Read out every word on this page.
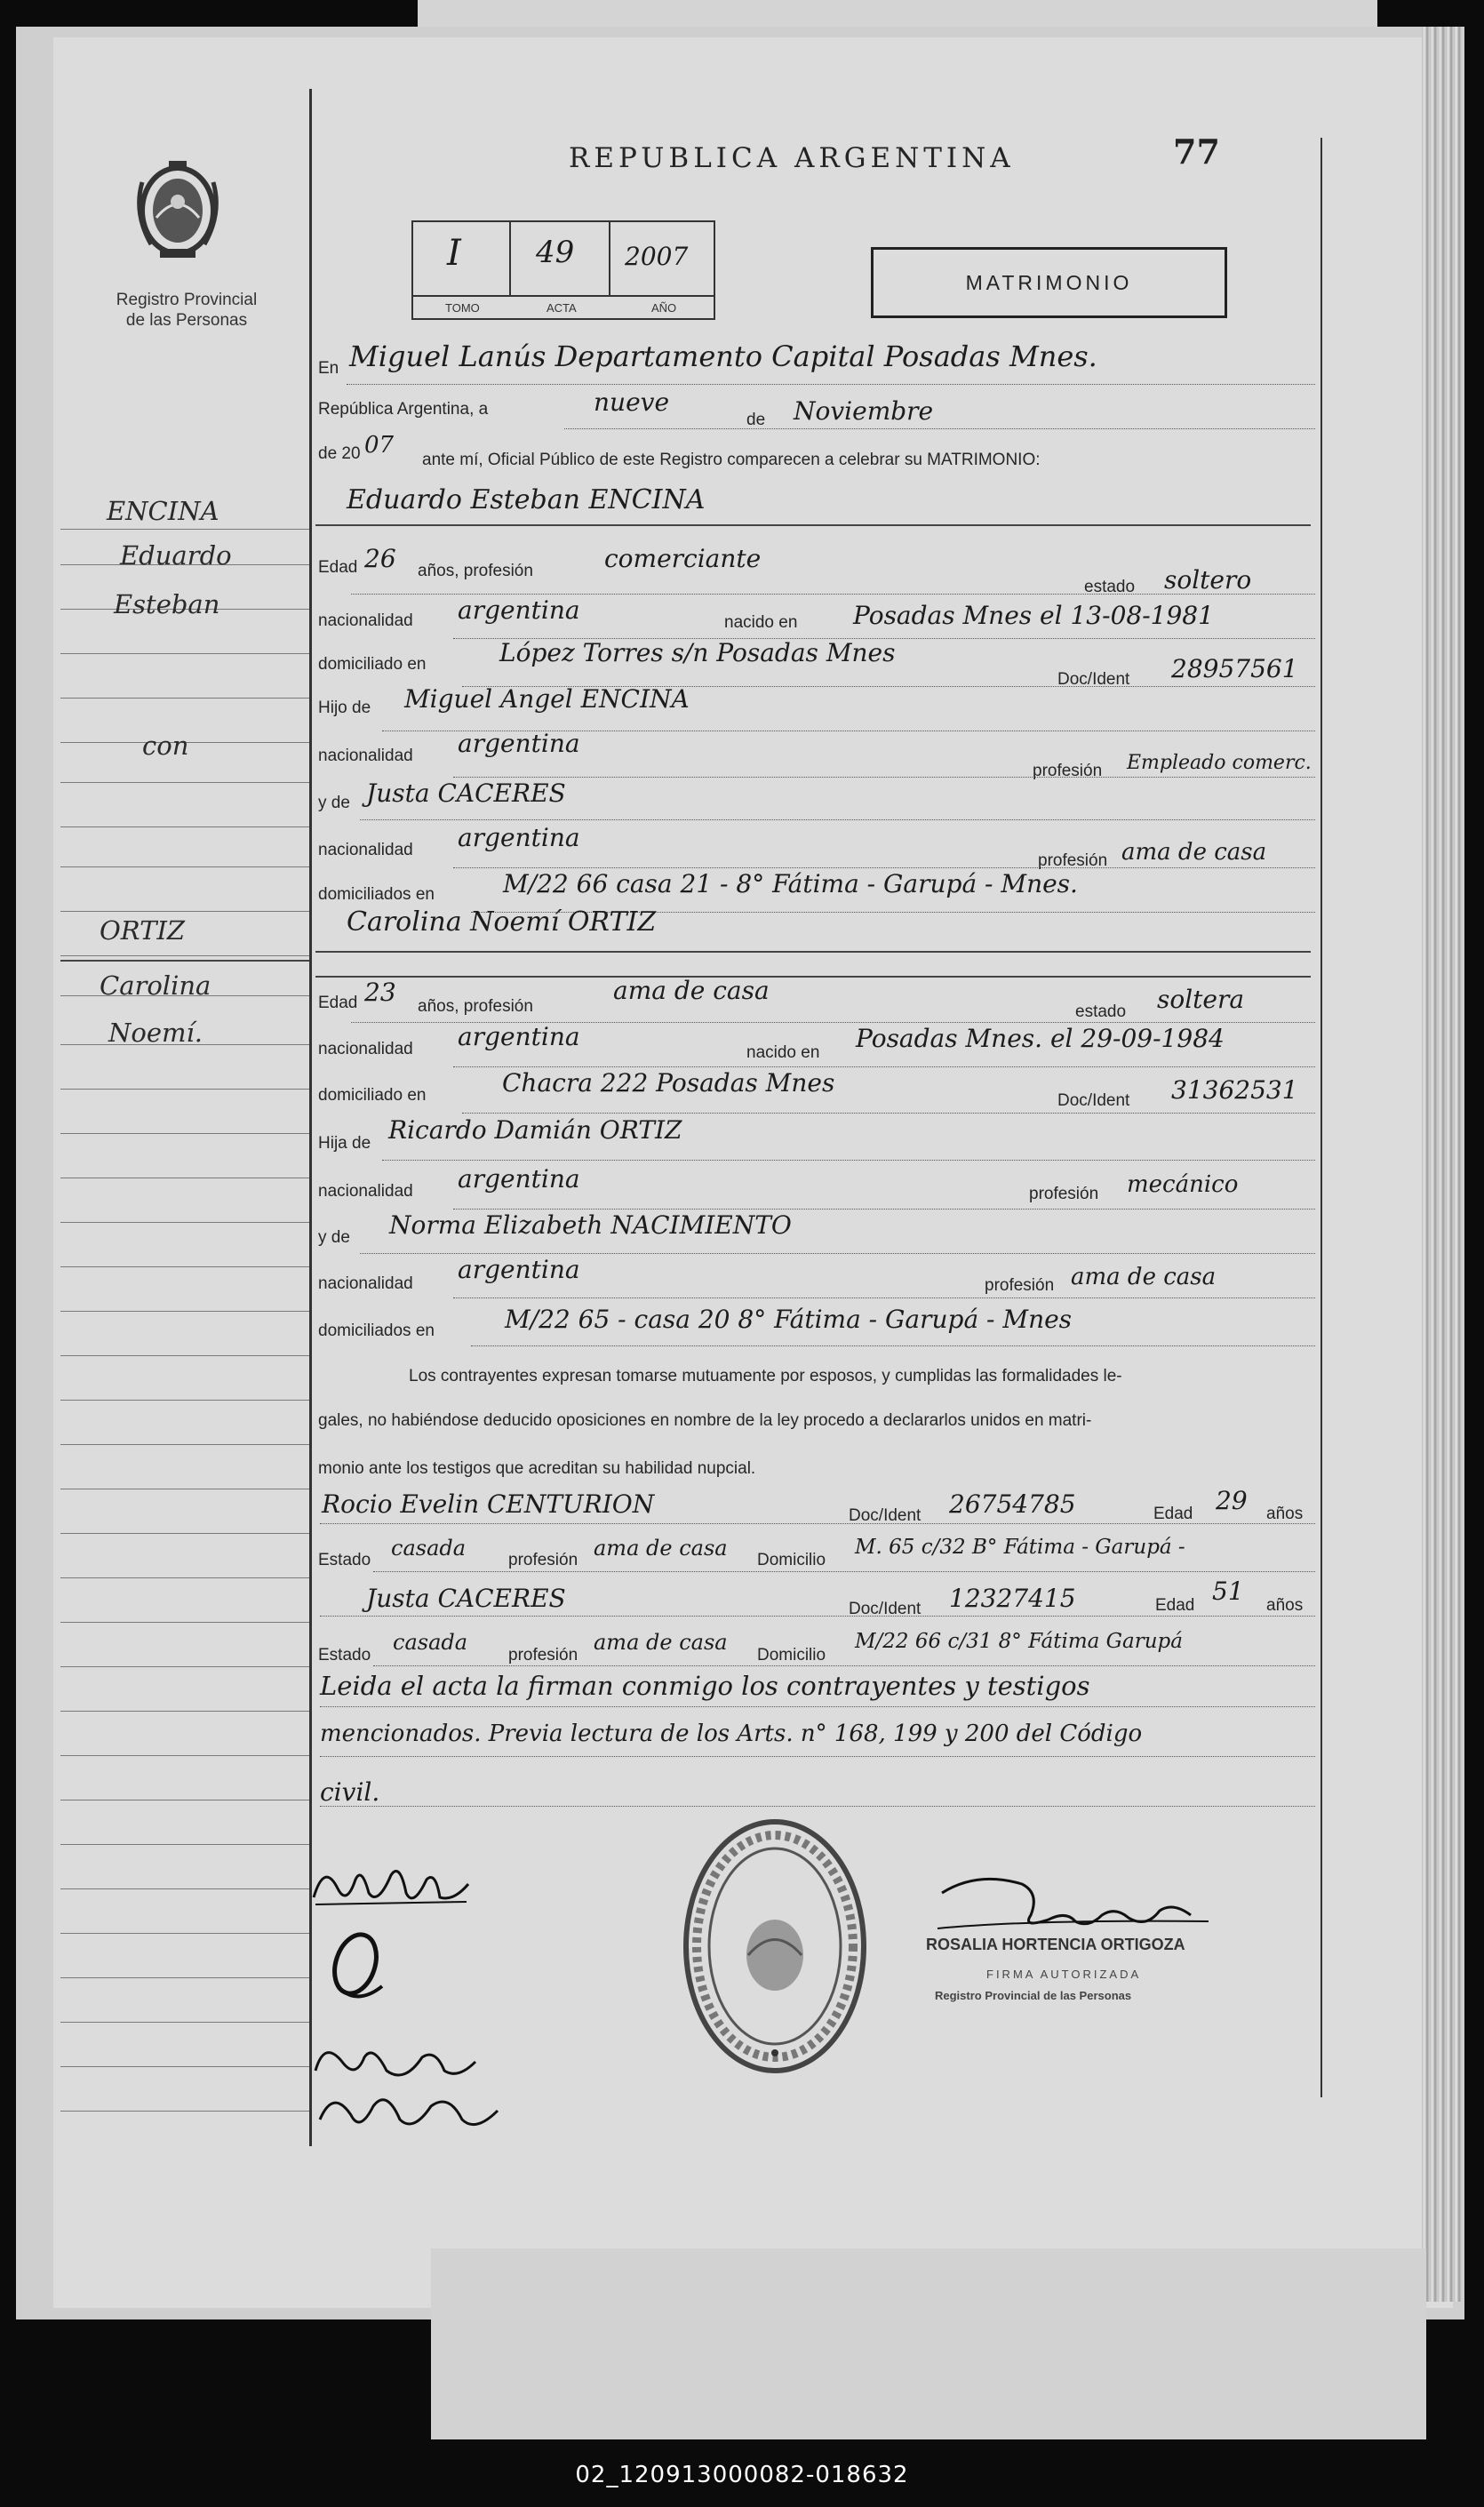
77
REPUBLICA ARGENTINA
Registro Provincial
de las Personas
I 49 2007
TOMO	ACTA	AÑO
MATRIMONIO
En Miguel Lanús Departamento Capital Posadas Mnes.
República Argentina, a	nueve
de Noviembre
de 20 07
ante mí, Oficial Público de este Registro comparecen a celebrar su MATRIMONIO:
Eduardo Esteban ENCINA
ENCINA
Eduardo
Esteban
con
Edad 26 años, profesión	comerciante
estado soltero
nacionalidad argentina	nacido en Posadas Mnes el 13-08-1981
domiciliado en	López Torres s/n Posadas Mnes
Doc/Ident 28957561
Hijo de Miguel Angel ENCINA
nacionalidad argentina
profesión Empleado comerc.
y de Justa CACERES
nacionalidad argentina
profesión ama de casa
domiciliados en	M/22 66 casa 21 - 8° Fátima - Garupá - Mnes.
Carolina Noemí ORTIZ
ORTIZ
Carolina
Noemí.
Edad 23 años, profesión
ama de casa
estado soltera
nacionalidad argentina
nacido en Posadas Mnes. el 29-09-1984
domiciliado en	Chacra 222 Posadas Mnes
Doc/Ident 31362531
Hija de Ricardo Damián ORTIZ
nacionalidad argentina
profesión mecánico
y de Norma Elizabeth NACIMIENTO
nacionalidad argentina
profesión ama de casa
domiciliados en	M/22 65 - casa 20 8° Fátima - Garupá - Mnes
Los contrayentes expresan tomarse mutuamente por esposos, y cumplidas las formalidades le-
gales, no habiéndose deducido oposiciones en nombre de la ley procedo a declararlos unidos en matri-
monio ante los testigos que acreditan su habilidad nupcial.
Rocio Evelin CENTURION	Doc/Ident 26754785	Edad 29 años
Estado casada	profesión ama de casa Domicilio
M. 65 c/32 B° Fátima - Garupá -
Justa CACERES	Doc/Ident 12327415	Edad 51 años
Estado
casada
profesión
ama de casa
Domicilio
M/22 66 c/31 8° Fátima Garupá
Leida el acta la firman conmigo los contrayentes y testigos
mencionados. Previa lectura de los Arts. n° 168, 199 y 200 del Código
civil.
ROSALIA HORTENCIA ORTIGOZA
FIRMA AUTORIZADA
Registro Provincial de las Personas
02_120913000082-018632
